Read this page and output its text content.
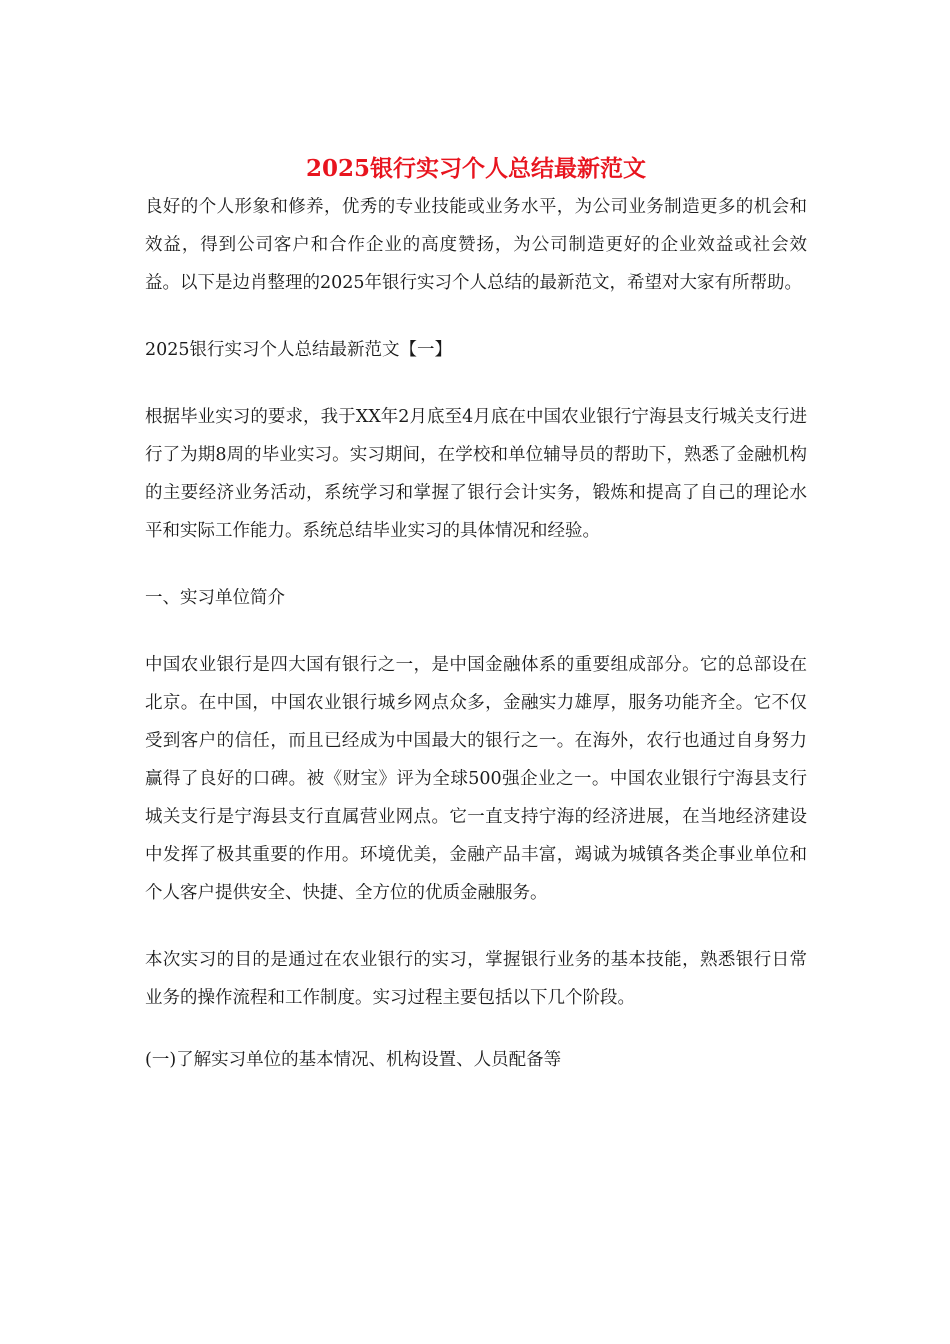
2025银行实习个人总结最新范文

良好的个人形象和修养，优秀的专业技能或业务水平，为公司业务制造更多的机会和效益，得到公司客户和合作企业的高度赞扬，为公司制造更好的企业效益或社会效益。以下是边肖整理的2025年银行实习个人总结的最新范文，希望对大家有所帮助。

2025银行实习个人总结最新范文【一】

根据毕业实习的要求，我于XX年2月底至4月底在中国农业银行宁海县支行城关支行进行了为期8周的毕业实习。实习期间，在学校和单位辅导员的帮助下，熟悉了金融机构的主要经济业务活动，系统学习和掌握了银行会计实务，锻炼和提高了自己的理论水平和实际工作能力。系统总结毕业实习的具体情况和经验。

一、实习单位简介

中国农业银行是四大国有银行之一，是中国金融体系的重要组成部分。它的总部设在北京。在中国，中国农业银行城乡网点众多，金融实力雄厚，服务功能齐全。它不仅受到客户的信任，而且已经成为中国最大的银行之一。在海外，农行也通过自身努力赢得了良好的口碑。被《财宝》评为全球500强企业之一。中国农业银行宁海县支行城关支行是宁海县支行直属营业网点。它一直支持宁海的经济进展，在当地经济建设中发挥了极其重要的作用。环境优美，金融产品丰富，竭诚为城镇各类企事业单位和个人客户提供安全、快捷、全方位的优质金融服务。

本次实习的目的是通过在农业银行的实习，掌握银行业务的基本技能，熟悉银行日常业务的操作流程和工作制度。实习过程主要包括以下几个阶段。

(一)了解实习单位的基本情况、机构设置、人员配备等
